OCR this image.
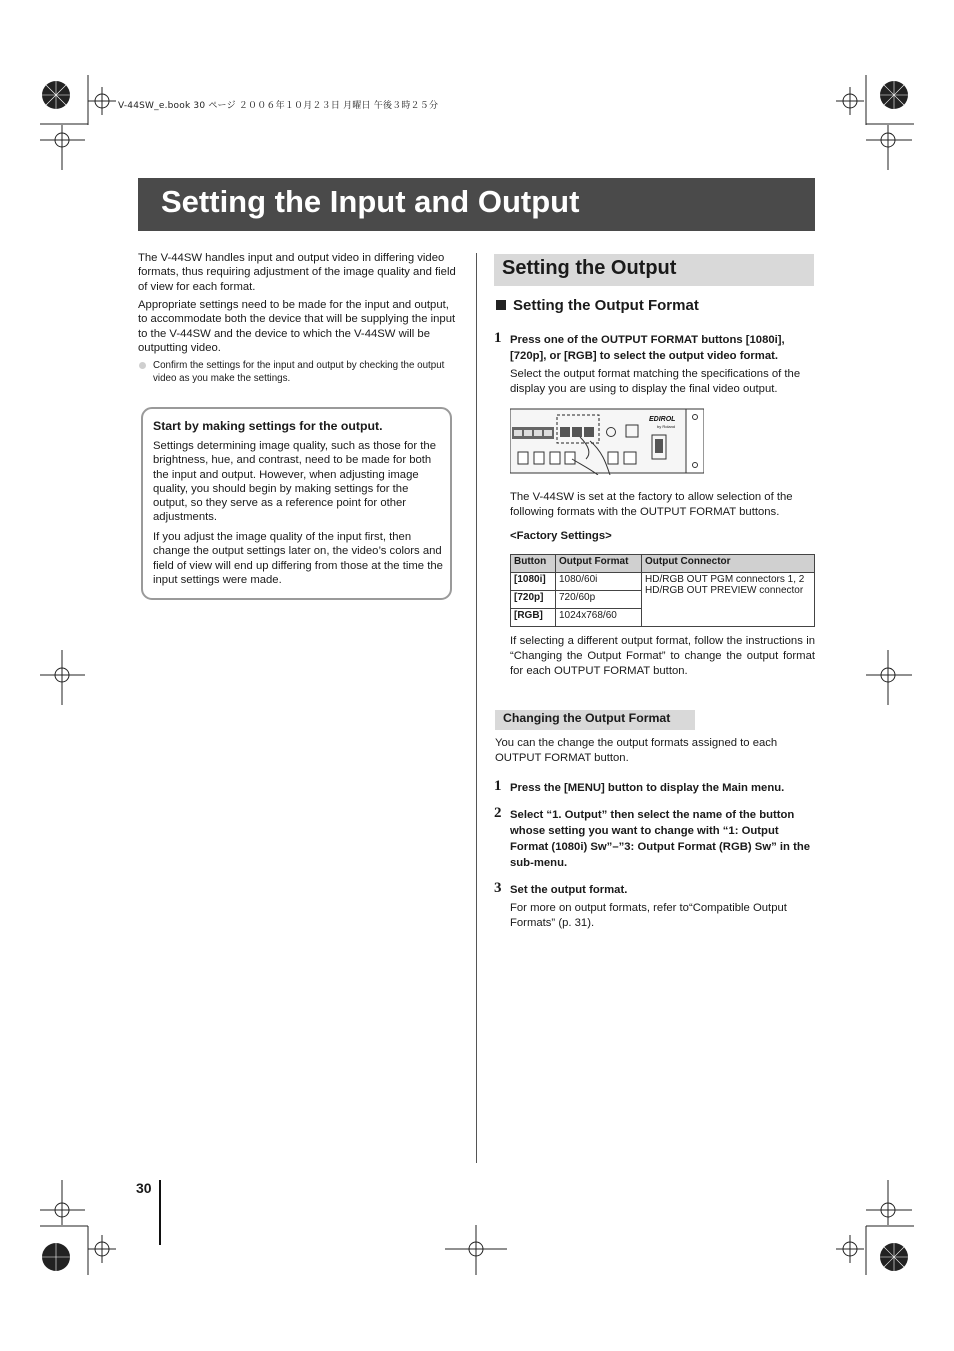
V-44SW_e.book 30 ページ ２００６年１０月２３日 月曜日 午後３時２５分
Setting the Input and Output

The V-44SW handles input and output video in differing video formats, thus requiring adjustment of the image quality and field of view for each format.

Appropriate settings need to be made for the input and output, to accommodate both the device that will be supplying the input to the V-44SW and the device to which the V-44SW will be outputting video.

Confirm the settings for the input and output by checking the output video as you make the settings.
Start by making settings for the output.
Settings determining image quality, such as those for the brightness, hue, and contrast, need to be made for both the input and output. However, when adjusting image quality, you should begin by making settings for the output, so they serve as a reference point for other adjustments.
If you adjust the image quality of the input first, then change the output settings later on, the video’s colors and field of view will end up differing from those at the time the input settings were made.
Setting the Output
Setting the Output Format
1 Press one of the OUTPUT FORMAT buttons [1080i], [720p], or [RGB] to select the output video format.
Select the output format matching the specifications of the display you are using to display the final video output.
EDIROL
by Roland
The V-44SW is set at the factory to allow selection of the following formats with the OUTPUT FORMAT buttons.
<Factory Settings>
Button	Output Format	Output Connector
[1080i]	1080/60i	HD/RGB OUT PGM connectors 1, 2
HD/RGB OUT PREVIEW connector

[720p]	720/60p	
[RGB]	1024x768/60	
If selecting a different output format, follow the instructions in “Changing the Output Format” to change the output format for each OUTPUT FORMAT button.
Changing the Output Format
You can the change the output formats assigned to each OUTPUT FORMAT button.
1 Press the [MENU] button to display the Main menu.
2 Select “1. Output” then select the name of the button whose setting you want to change with “1: Output Format (1080i) Sw”–”3: Output Format (RGB) Sw” in the sub-menu.
3 Set the output format.
For more on output formats, refer to“Compatible Output Formats” (p. 31).
30
